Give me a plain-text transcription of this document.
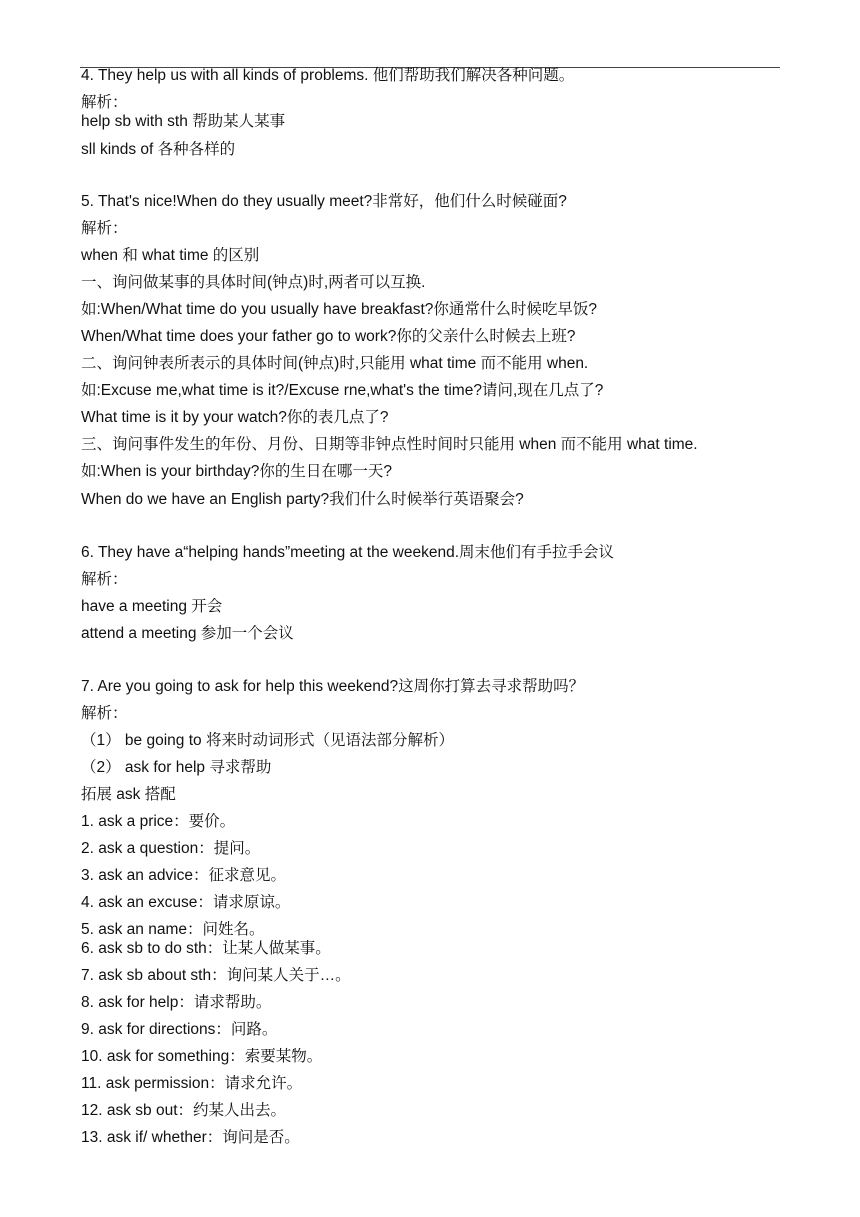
4. They help us with all kinds of problems. 他们帮助我们解决各种问题。
解析：
help sb with sth 帮助某人某事
sll kinds of 各种各样的
5. That's nice!When do they usually meet?非常好，他们什么时候碰面?
解析：
when 和 what time 的区别
一、询问做某事的具体时间(钟点)时,两者可以互换.
如:When/What time do you usually have breakfast?你通常什么时候吃早饭?
When/What time does your father go to work?你的父亲什么时候去上班?
二、询问钟表所表示的具体时间(钟点)时,只能用 what time 而不能用 when.
如:Excuse me,what time is it?/Excuse rne,what's the time?请问,现在几点了?
What time is it by your watch?你的表几点了?
三、询问事件发生的年份、月份、日期等非钟点性时间时只能用 when 而不能用 what time.
如:When is your birthday?你的生日在哪一天?
When do we have an English party?我们什么时候举行英语聚会?
6. They have a“helping hands”meeting at the weekend.周末他们有手拉手会议
解析：
have a meeting 开会
attend a meeting 参加一个会议
7. Are you going to ask for help this weekend?这周你打算去寻求帮助吗？
解析：
（1） be going to 将来时动词形式（见语法部分解析）
（2） ask for help 寻求帮助
拓展 ask 搭配
1. ask a price：要价。
2. ask a question：提问。
3. ask an advice：征求意见。
4. ask an excuse：请求原谅。
5. ask an name：问姓名。
6. ask sb to do sth：让某人做某事。
7. ask sb about sth：询问某人关于…。
8. ask for help：请求帮助。
9. ask for directions：问路。
10. ask for something：索要某物。
11. ask permission：请求允许。
12. ask sb out：约某人出去。
13. ask if/ whether：询问是否。
